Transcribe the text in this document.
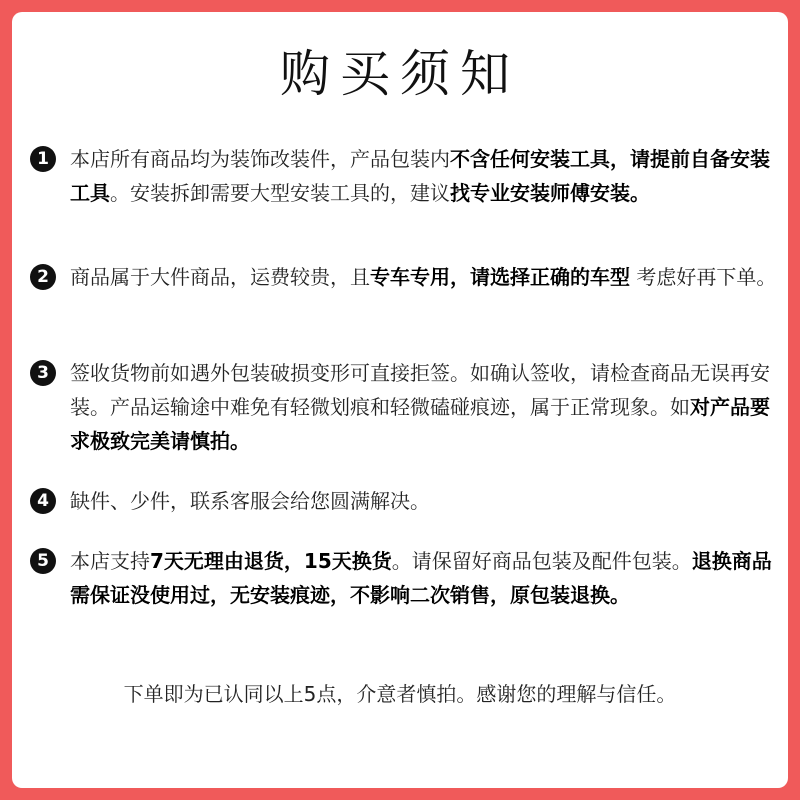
购买须知
1	本店所有商品均为装饰改装件，产品包装内不含任何安装工具，请提前自备安装工具。安装拆卸需要大型安装工具的，建议找专业安装师傅安装。
2	商品属于大件商品，运费较贵，且专车专用，请选择正确的车型 考虑好再下单。
3	签收货物前如遇外包装破损变形可直接拒签。如确认签收，请检查商品无误再安装。产品运输途中难免有轻微划痕和轻微磕碰痕迹，属于正常现象。如对产品要求极致完美请慎拍。
4	缺件、少件，联系客服会给您圆满解决。
5	本店支持7天无理由退货，15天换货。请保留好商品包装及配件包装。退换商品需保证没使用过，无安装痕迹，不影响二次销售，原包装退换。
下单即为已认同以上5点，介意者慎拍。感谢您的理解与信任。
